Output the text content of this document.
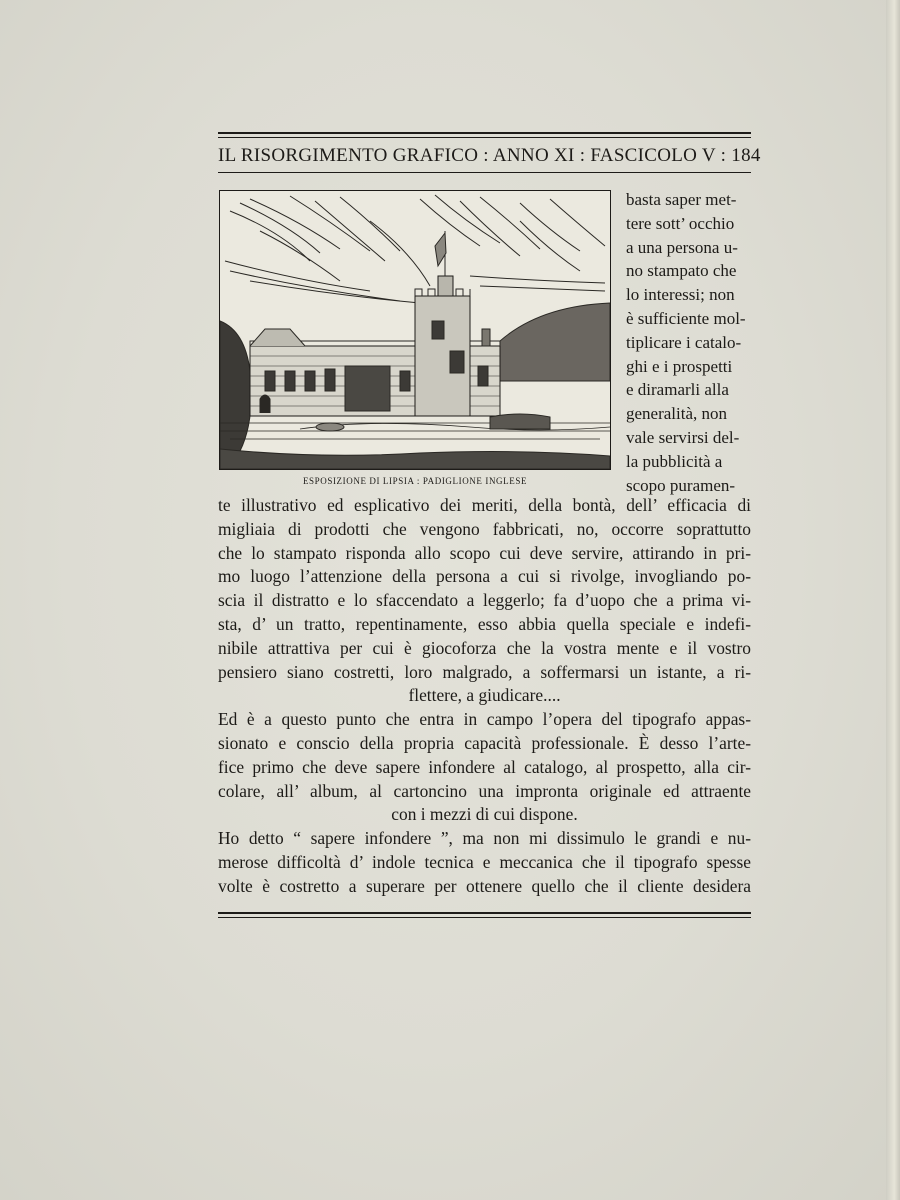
IL RISORGIMENTO GRAFICO : ANNO XI : FASCICOLO V : 184
ESPOSIZIONE DI LIPSIA : PADIGLIONE INGLESE
basta saper met-
tere sott’ occhio
a una persona u-
no stampato che
lo interessi; non
è sufficiente mol-
tiplicare i catalo-
ghi e i prospetti
e diramarli alla
generalità, non
vale servirsi del-
la pubblicità a
scopo puramen-
te illustrativo ed esplicativo dei meriti, della bontà, dell’ efficacia di
migliaia di prodotti che vengono fabbricati, no, occorre soprattutto
che lo stampato risponda allo scopo cui deve servire, attirando in pri-
mo luogo l’attenzione della persona a cui si rivolge, invogliando po-
scia il distratto e lo sfaccendato a leggerlo; fa d’uopo che a prima vi-
sta, d’ un tratto, repentinamente, esso abbia quella speciale e indefi-
nibile attrattiva per cui è giocoforza che la vostra mente e il vostro
pensiero siano costretti, loro malgrado, a soffermarsi un istante, a ri-
flettere, a giudicare....
Ed è a questo punto che entra in campo l’opera del tipografo appas-
sionato e conscio della propria capacità professionale. È desso l’arte-
fice primo che deve sapere infondere al catalogo, al prospetto, alla cir-
colare, all’ album, al cartoncino una impronta originale ed attraente
con i mezzi di cui dispone.
Ho detto “ sapere infondere ”, ma non mi dissimulo le grandi e nu-
merose difficoltà d’ indole tecnica e meccanica che il tipografo spesse
volte è costretto a superare per ottenere quello che il cliente desidera
